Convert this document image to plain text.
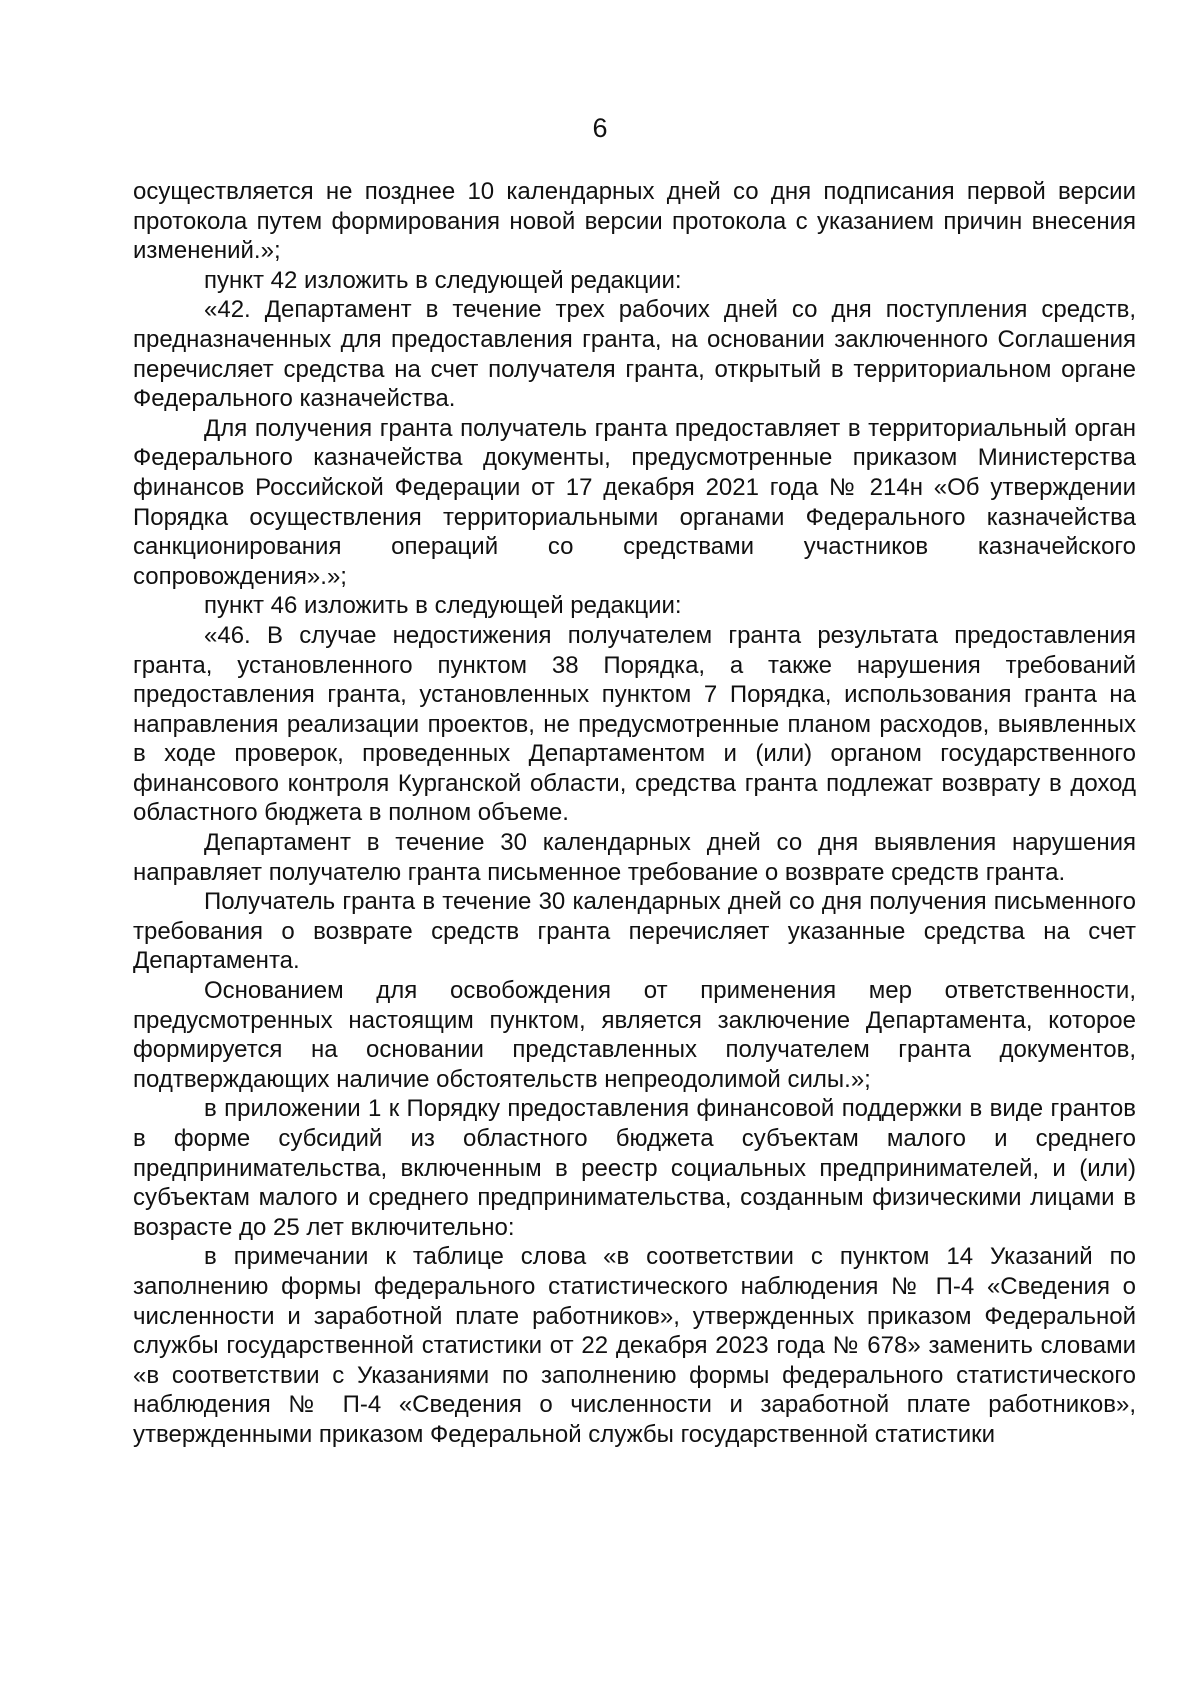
6

осуществляется не позднее 10 календарных дней со дня подписания первой версии протокола путем формирования новой версии протокола с указанием причин внесения изменений.»;

пункт 42 изложить в следующей редакции:

«42. Департамент в течение трех рабочих дней со дня поступления средств, предназначенных для предоставления гранта, на основании заключенного Соглашения перечисляет средства на счет получателя гранта, открытый в территориальном органе Федерального казначейства.

Для получения гранта получатель гранта предоставляет в территориальный орган Федерального казначейства документы, предусмотренные приказом Министерства финансов Российской Федерации от 17 декабря 2021 года № 214н «Об утверждении Порядка осуществления территориальными органами Федерального казначейства санкционирования операций со средствами участников казначейского сопровождения».»;

пункт 46 изложить в следующей редакции:

«46. В случае недостижения получателем гранта результата предоставления гранта, установленного пунктом 38 Порядка, а также нарушения требований предоставления гранта, установленных пунктом 7 Порядка, использования гранта на направления реализации проектов, не предусмотренные планом расходов, выявленных в ходе проверок, проведенных Департаментом и (или) органом государственного финансового контроля Курганской области, средства гранта подлежат возврату в доход областного бюджета в полном объеме.

Департамент в течение 30 календарных дней со дня выявления нарушения направляет получателю гранта письменное требование о возврате средств гранта.

Получатель гранта в течение 30 календарных дней со дня получения письменного требования о возврате средств гранта перечисляет указанные средства на счет Департамента.

Основанием для освобождения от применения мер ответственности, предусмотренных настоящим пунктом, является заключение Департамента, которое формируется на основании представленных получателем гранта документов, подтверждающих наличие обстоятельств непреодолимой силы.»;

в приложении 1 к Порядку предоставления финансовой поддержки в виде грантов в форме субсидий из областного бюджета субъектам малого и среднего предпринимательства, включенным в реестр социальных предпринимателей, и (или) субъектам малого и среднего предпринимательства, созданным физическими лицами в возрасте до 25 лет включительно:

в примечании к таблице слова «в соответствии с пунктом 14 Указаний по заполнению формы федерального статистического наблюдения № П-4 «Сведения о численности и заработной плате работников», утвержденных приказом Федеральной службы государственной статистики от 22 декабря 2023 года № 678» заменить словами «в соответствии с Указаниями по заполнению формы федерального статистического наблюдения № П-4 «Сведения о численности и заработной плате работников», утвержденными приказом Федеральной службы государственной статистики
